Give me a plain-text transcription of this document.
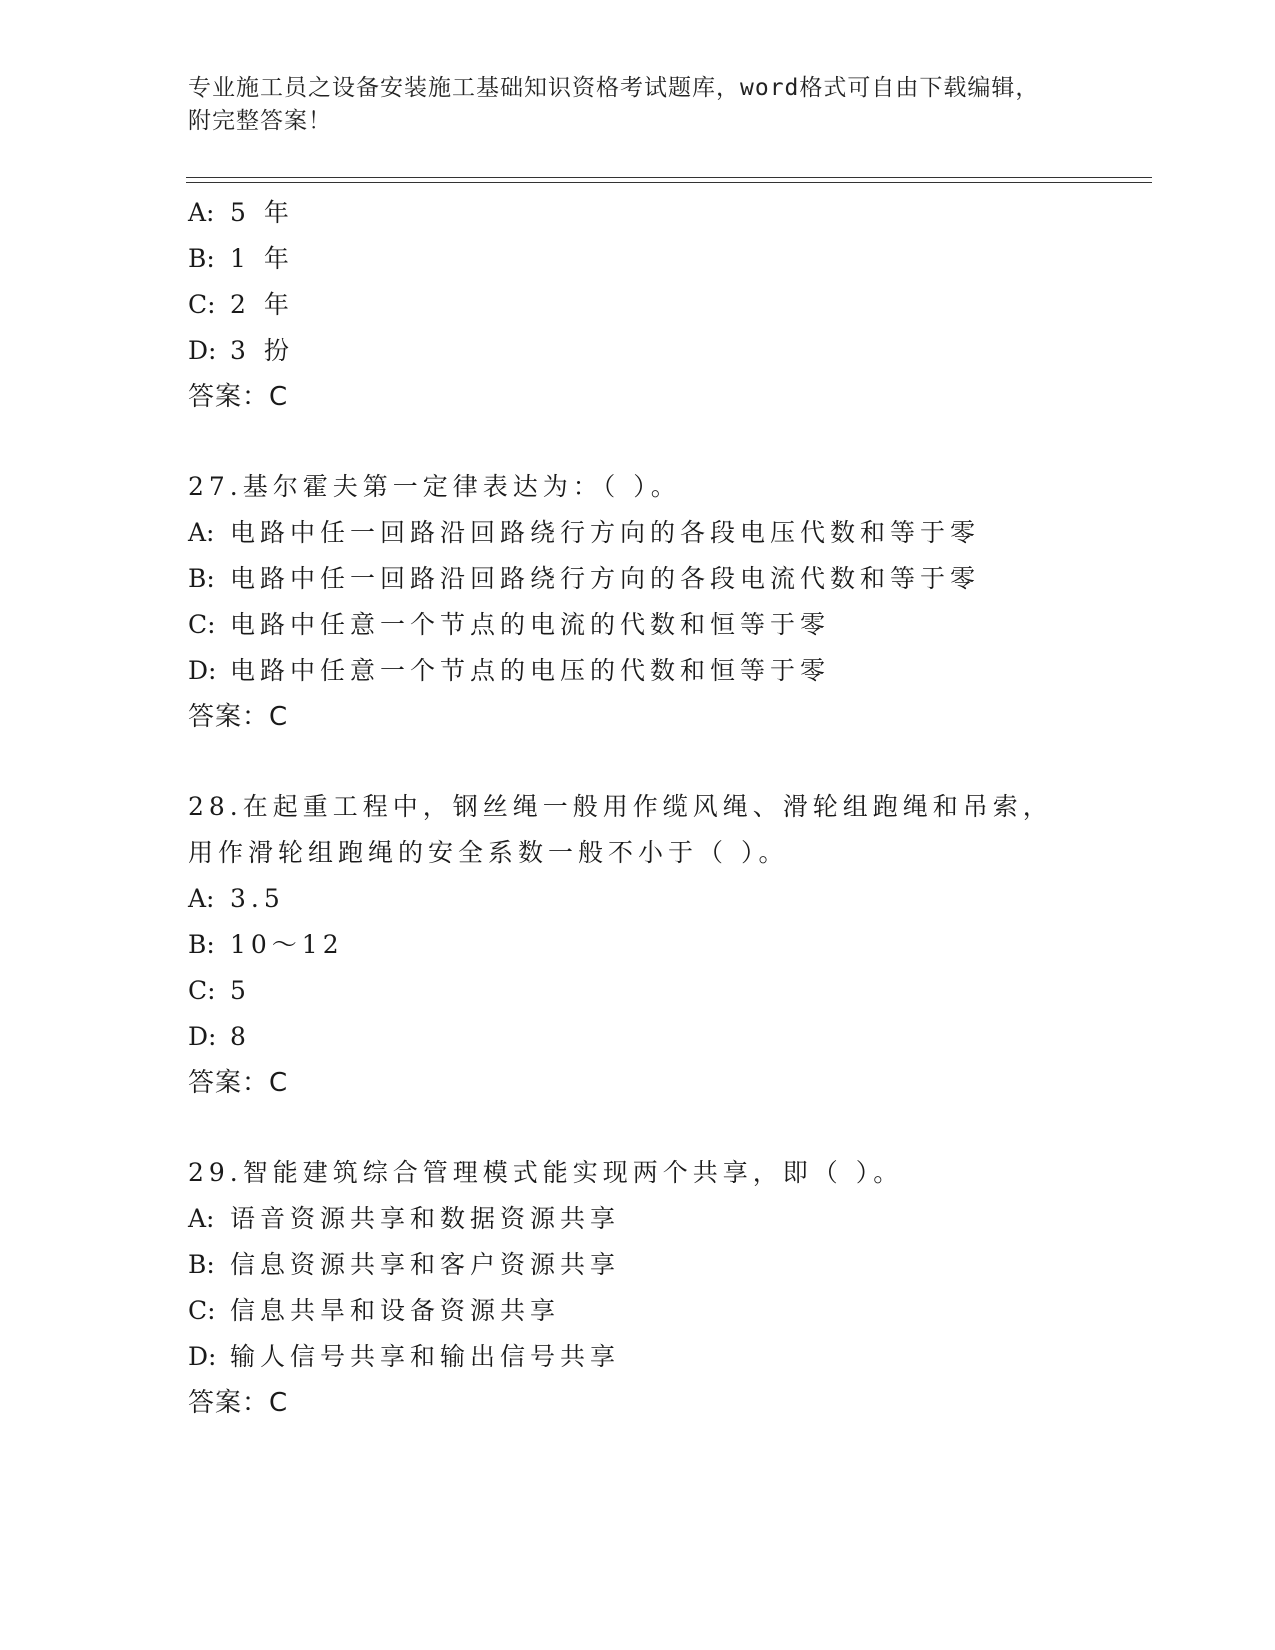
专业施工员之设备安装施工基础知识资格考试题库，word格式可自由下载编辑，
附完整答案！
A: 5 年
B: 1 年
C: 2 年
D: 3 扮
答案：C
27.基尔霍夫第一定律表达为：（ ）。
A: 电路中任一回路沿回路绕行方向的各段电压代数和等于零
B: 电路中任一回路沿回路绕行方向的各段电流代数和等于零
C: 电路中任意一个节点的电流的代数和恒等于零
D: 电路中任意一个节点的电压的代数和恒等于零
答案：C
28.在起重工程中，钢丝绳一般用作缆风绳、滑轮组跑绳和吊索，用作滑轮组跑绳的安全系数一般不小于（ ）。
A: 3.5
B: 10～12
C: 5
D: 8
答案：C
29.智能建筑综合管理模式能实现两个共享，即（ ）。
A: 语音资源共享和数据资源共享
B: 信息资源共享和客户资源共享
C: 信息共旱和设备资源共享
D: 输人信号共享和输出信号共享
答案：C
